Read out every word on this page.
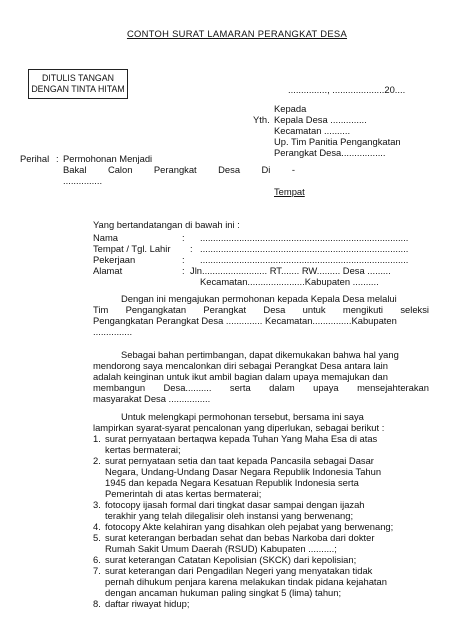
CONTOH SURAT LAMARAN PERANGKAT DESA
DITULIS TANGAN
DENGAN TINTA HITAM	..............., ....................20....
Kepada
Yth. Kepala Desa ..............
Kecamatan ..........
Up. Tim Panitia Pengangkatan
Perangkat Desa.................
Perihal : Permohonan Menjadi
Bakal Calon Perangkat Desa Di -
...............
Tempat
Yang bertandatangan di bawah ini :
Nama	: ................................................................................
Tempat / Tgl. Lahir : ................................................................................
Pekerjaan	: ................................................................................
Alamat	: Jln......................... RT....... RW......... Desa .........
Kecamatan......................Kabupaten ..........
Dengan ini mengajukan permohonan kepada Kepala Desa melalui
Tim Pengangkatan Perangkat Desa untuk mengikuti seleksi
Pengangkatan Perangkat Desa .............. Kecamatan...............Kabupaten
...............
Sebagai bahan pertimbangan, dapat dikemukakan bahwa hal yang
mendorong saya mencalonkan diri sebagai Perangkat Desa antara lain
adalah keinginan untuk ikut ambil bagian dalam upaya memajukan dan
membangun Desa.......... serta dalam upaya mensejahterakan
masyarakat Desa ................
Untuk melengkapi permohonan tersebut, bersama ini saya
lampirkan syarat-syarat pencalonan yang diperlukan, sebagai berikut :
1. surat pernyataan bertaqwa kepada Tuhan Yang Maha Esa di atas
kertas bermaterai;
2. surat pernyataan setia dan taat kepada Pancasila sebagai Dasar
Negara, Undang-Undang Dasar Negara Republik Indonesia Tahun
1945 dan kepada Negara Kesatuan Republik Indonesia serta
Pemerintah di atas kertas bermaterai;
3. fotocopy ijasah formal dari tingkat dasar sampai dengan ijazah
terakhir yang telah dilegalisir oleh instansi yang berwenang;
4. fotocopy Akte kelahiran yang disahkan oleh pejabat yang berwenang;
5. surat keterangan berbadan sehat dan bebas Narkoba dari dokter
Rumah Sakit Umum Daerah (RSUD) Kabupaten ..........;
6. surat keterangan Catatan Kepolisian (SKCK) dari kepolisian;
7. surat keterangan dari Pengadilan Negeri yang menyatakan tidak
pernah dihukum penjara karena melakukan tindak pidana kejahatan
dengan ancaman hukuman paling singkat 5 (lima) tahun;
8. daftar riwayat hidup;
